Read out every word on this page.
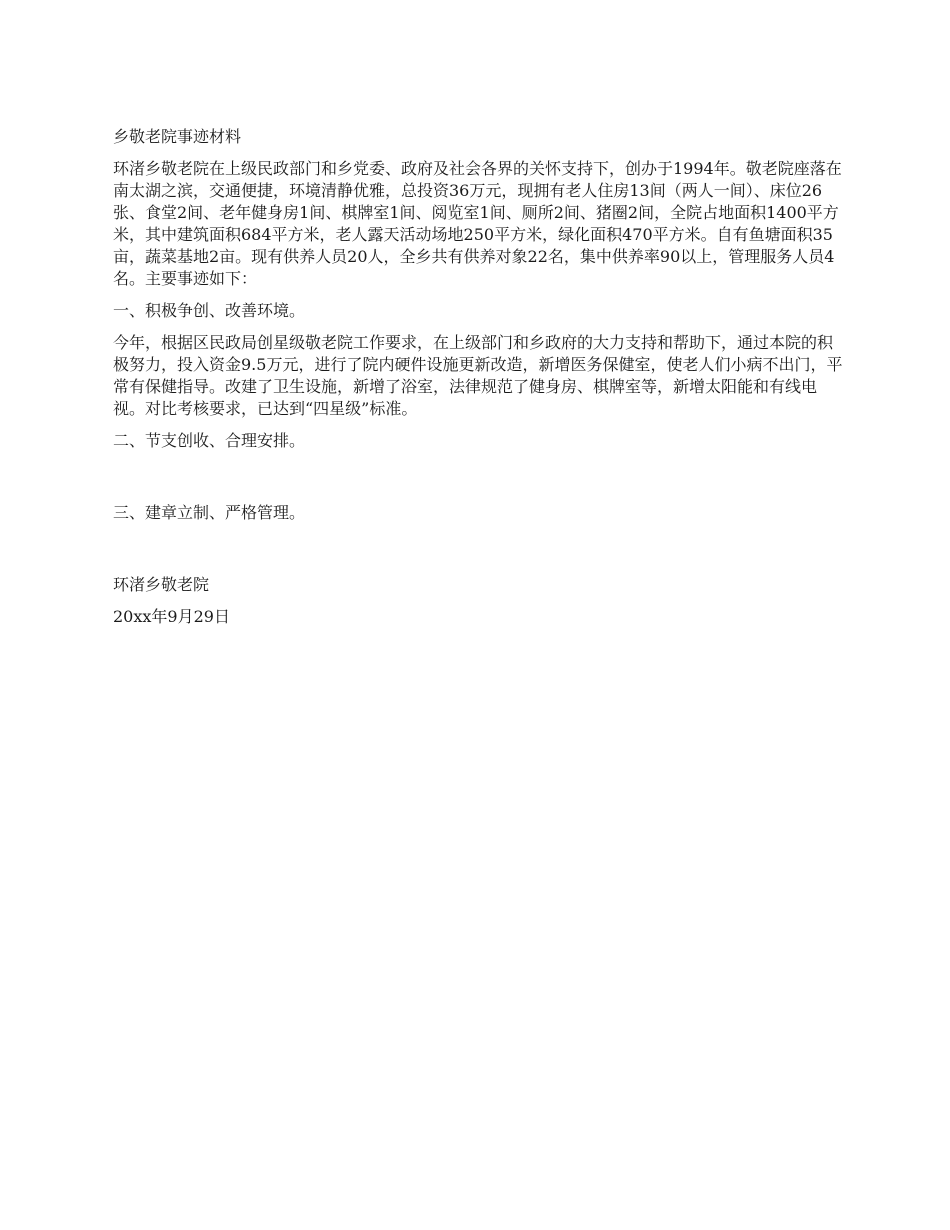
乡敬老院事迹材料

环渚乡敬老院在上级民政部门和乡党委、政府及社会各界的关怀支持下，创办于1994年。敬老院座落在南太湖之滨，交通便捷，环境清静优雅，总投资36万元，现拥有老人住房13间（两人一间）、床位26张、食堂2间、老年健身房1间、棋牌室1间、阅览室1间、厕所2间、猪圈2间，全院占地面积1400平方米，其中建筑面积684平方米，老人露天活动场地250平方米，绿化面积470平方米。自有鱼塘面积35亩，蔬菜基地2亩。现有供养人员20人，全乡共有供养对象22名，集中供养率90以上，管理服务人员4名。主要事迹如下：

一、积极争创、改善环境。

今年，根据区民政局创星级敬老院工作要求，在上级部门和乡政府的大力支持和帮助下，通过本院的积极努力，投入资金9.5万元，进行了院内硬件设施更新改造，新增医务保健室，使老人们小病不出门，平常有保健指导。改建了卫生设施，新增了浴室，法律规范了健身房、棋牌室等，新增太阳能和有线电视。对比考核要求，已达到“四星级”标准。

二、节支创收、合理安排。

三、建章立制、严格管理。

环渚乡敬老院

20xx年9月29日
